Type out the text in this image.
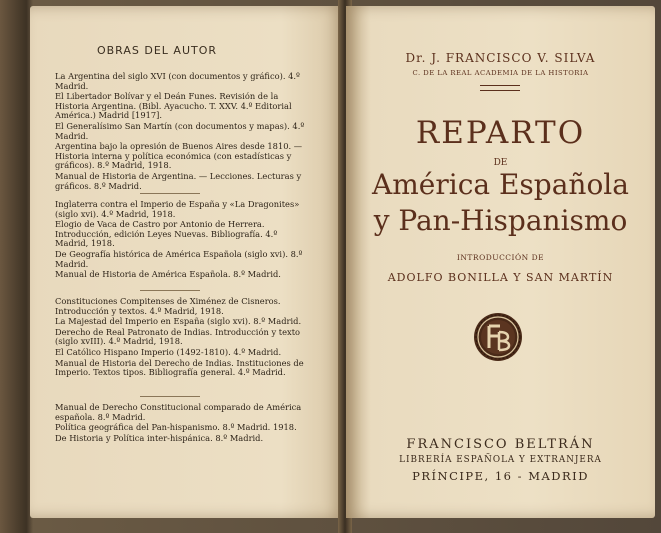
OBRAS DEL AUTOR

La Argentina del siglo XVI (con documentos y gráfico). 4.º Madrid.

El Libertador Bolívar y el Deán Funes. Revisión de la Historia Argentina. (Bibl. Ayacucho. T. XXV. 4.º Editorial América.) Madrid [1917].

El Generalísimo San Martín (con documentos y mapas). 4.º Madrid.

Argentina bajo la opresión de Buenos Aires desde 1810. — Historia interna y política económica (con estadísticas y gráficos). 8.º Madrid, 1918.

Manual de Historia de Argentina. — Lecciones. Lecturas y gráficos. 8.º Madrid.

Inglaterra contra el Imperio de España y «La Dragonites» (siglo xvi). 4.º Madrid, 1918.

Elogio de Vaca de Castro por Antonio de Herrera. Introducción, edición Leyes Nuevas. Bibliografía. 4.º Madrid, 1918.

De Geografía histórica de América Española (siglo xvi). 8.º Madrid.

Manual de Historia de América Española. 8.º Madrid.

Constituciones Compitenses de Ximénez de Cisneros. Introducción y textos. 4.º Madrid, 1918.

La Majestad del Imperio en España (siglo xvi). 8.º Madrid.

Derecho de Real Patronato de Indias. Introducción y texto (siglo xvIII). 4.º Madrid, 1918.

El Católico Hispano Imperio (1492-1810). 4.º Madrid.

Manual de Historia del Derecho de Indias. Instituciones de Imperio. Textos tipos. Bibliografía general. 4.º Madrid.

Manual de Derecho Constitucional comparado de América española. 8.º Madrid.

Política geográfica del Pan-hispanismo. 8.º Madrid. 1918.

De Historia y Política inter-hispánica. 8.º Madrid.

Dr. J. FRANCISCO V. SILVA
C. DE LA REAL ACADEMIA DE LA HISTORIA
REPARTO
DE
América Española
y Pan-Hispanismo
INTRODUCCIÓN DE
ADOLFO BONILLA Y SAN MARTÍN
FRANCISCO BELTRÁN
LIBRERÍA ESPAÑOLA Y EXTRANJERA
PRÍNCIPE, 16 - MADRID
